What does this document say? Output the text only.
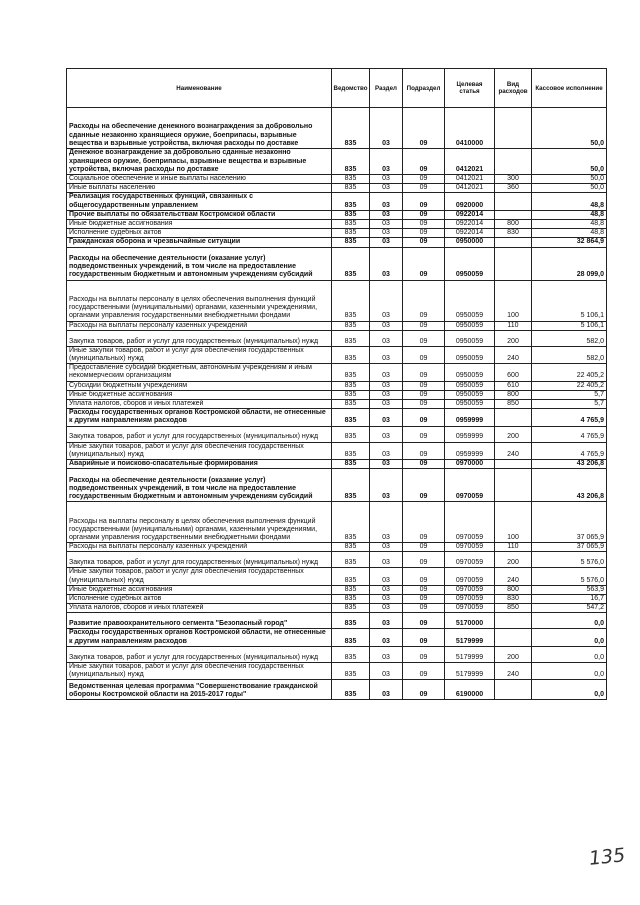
Наименование	Ведомство	Раздел	Подраздел	Целевая статья	Вид расходов	Кассовое исполнение
Расходы на обеспечение денежного вознаграждения за добровольно сданные незаконно хранящиеся оружие, боеприпасы, взрывные вещества и взрывные устройства, включая расходы по доставке	835	03	09	0410000		50,0
Денежное вознаграждение за добровольно сданные незаконно хранящиеся оружие, боеприпасы, взрывные вещества и взрывные устройства, включая расходы по доставке	835	03	09	0412021		50,0
Социальное обеспечение и иные выплаты населению	835	03	09	0412021	300	50,0
Иные выплаты населению	835	03	09	0412021	360	50,0
Реализация государственных функций, связанных с общегосударственным управлением	835	03	09	0920000		48,8
Прочие выплаты по обязательствам Костромской области	835	03	09	0922014		48,8
Иные бюджетные ассигнования	835	03	09	0922014	800	48,8
Исполнение судебных актов	835	03	09	0922014	830	48,8
Гражданская оборона и чрезвычайные ситуации	835	03	09	0950000		32 864,9
Расходы на обеспечение деятельности (оказание услуг) подведомственных учреждений, в том числе на предоставление государственным бюджетным и автономным учреждениям субсидий	835	03	09	0950059		28 099,0
Расходы на выплаты персоналу в целях обеспечения выполнения функций государственными (муниципальными) органами, казенными учреждениями, органами управления государственными внебюджетными фондами	835	03	09	0950059	100	5 106,1
Расходы на выплаты персоналу казенных учреждений	835	03	09	0950059	110	5 106,1
Закупка товаров, работ и услуг для государственных (муниципальных) нужд	835	03	09	0950059	200	582,0
Иные закупки товаров, работ и услуг для обеспечения государственных (муниципальных) нужд	835	03	09	0950059	240	582,0
Предоставление субсидий бюджетным, автономным учреждениям и иным некоммерческим организациям	835	03	09	0950059	600	22 405,2
Субсидии бюджетным учреждениям	835	03	09	0950059	610	22 405,2
Иные бюджетные ассигнования	835	03	09	0950059	800	5,7
Уплата налогов, сборов и иных платежей	835	03	09	0950059	850	5,7
Расходы государственных органов Костромской области, не отнесенные к другим направлениям расходов	835	03	09	0959999		4 765,9
Закупка товаров, работ и услуг для государственных (муниципальных) нужд	835	03	09	0959999	200	4 765,9
Иные закупки товаров, работ и услуг для обеспечения государственных (муниципальных) нужд	835	03	09	0959999	240	4 765,9
Аварийные и поисково-спасательные формирования	835	03	09	0970000		43 206,8
Расходы на обеспечение деятельности (оказание услуг) подведомственных учреждений, в том числе на предоставление государственным бюджетным и автономным учреждениям субсидий	835	03	09	0970059		43 206,8
Расходы на выплаты персоналу в целях обеспечения выполнения функций государственными (муниципальными) органами, казенными учреждениями, органами управления государственными внебюджетными фондами	835	03	09	0970059	100	37 065,9
Расходы на выплаты персоналу казенных учреждений	835	03	09	0970059	110	37 065,9
Закупка товаров, работ и услуг для государственных (муниципальных) нужд	835	03	09	0970059	200	5 576,0
Иные закупки товаров, работ и услуг для обеспечения государственных (муниципальных) нужд	835	03	09	0970059	240	5 576,0
Иные бюджетные ассигнования	835	03	09	0970059	800	563,9
Исполнение судебных актов	835	03	09	0970059	830	16,7
Уплата налогов, сборов и иных платежей	835	03	09	0970059	850	547,2
Развитие правоохранительного сегмента "Безопасный город"	835	03	09	5170000		0,0
Расходы государственных органов Костромской области, не отнесенные к другим направлениям расходов	835	03	09	5179999		0,0
Закупка товаров, работ и услуг для государственных (муниципальных) нужд	835	03	09	5179999	200	0,0
Иные закупки товаров, работ и услуг для обеспечения государственных (муниципальных) нужд	835	03	09	5179999	240	0,0
Ведомственная целевая программа "Совершенствование гражданской обороны Костромской области на 2015-2017 годы"	835	03	09	6190000		0,0
135
